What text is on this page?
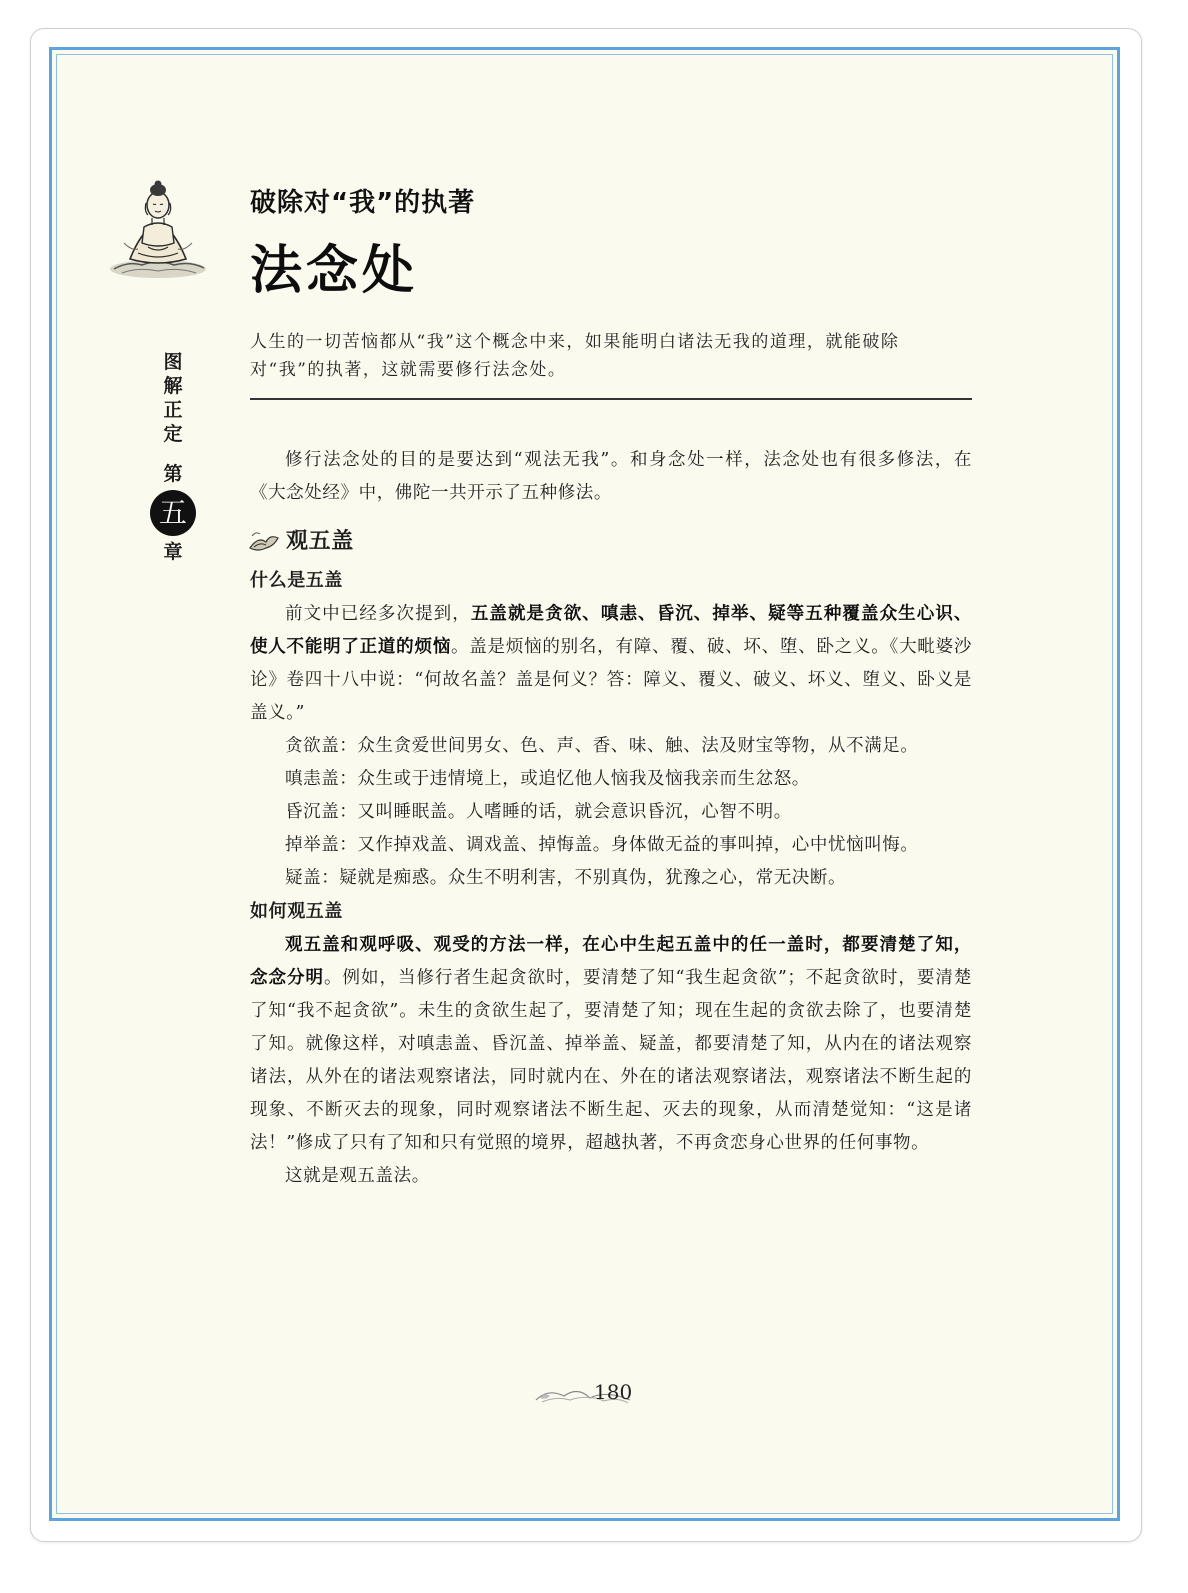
破除对“我”的执著
法念处
人生的一切苦恼都从“我”这个概念中来，如果能明白诸法无我的道理，就能破除对“我”的执著，这就需要修行法念处。
图
解
正
定
第
五
章

修行法念处的目的是要达到“观法无我”。和身念处一样，法念处也有很多修法，在《大念处经》中，佛陀一共开示了五种修法。

观五盖
什么是五盖

前文中已经多次提到，五盖就是贪欲、嗔恚、昏沉、掉举、疑等五种覆盖众生心识、使人不能明了正道的烦恼。盖是烦恼的别名，有障、覆、破、坏、堕、卧之义。《大毗婆沙论》卷四十八中说：“何故名盖？盖是何义？答：障义、覆义、破义、坏义、堕义、卧义是盖义。”

贪欲盖：众生贪爱世间男女、色、声、香、味、触、法及财宝等物，从不满足。

嗔恚盖：众生或于违情境上，或追忆他人恼我及恼我亲而生忿怒。

昏沉盖：又叫睡眠盖。人嗜睡的话，就会意识昏沉，心智不明。

掉举盖：又作掉戏盖、调戏盖、掉悔盖。身体做无益的事叫掉，心中忧恼叫悔。

疑盖：疑就是痴惑。众生不明利害，不别真伪，犹豫之心，常无决断。

如何观五盖

观五盖和观呼吸、观受的方法一样，在心中生起五盖中的任一盖时，都要清楚了知，念念分明。例如，当修行者生起贪欲时，要清楚了知“我生起贪欲”；不起贪欲时，要清楚了知“我不起贪欲”。未生的贪欲生起了，要清楚了知；现在生起的贪欲去除了，也要清楚了知。就像这样，对嗔恚盖、昏沉盖、掉举盖、疑盖，都要清楚了知，从内在的诸法观察诸法，从外在的诸法观察诸法，同时就内在、外在的诸法观察诸法，观察诸法不断生起的现象、不断灭去的现象，同时观察诸法不断生起、灭去的现象，从而清楚觉知：“这是诸法！”修成了只有了知和只有觉照的境界，超越执著，不再贪恋身心世界的任何事物。

这就是观五盖法。

180
